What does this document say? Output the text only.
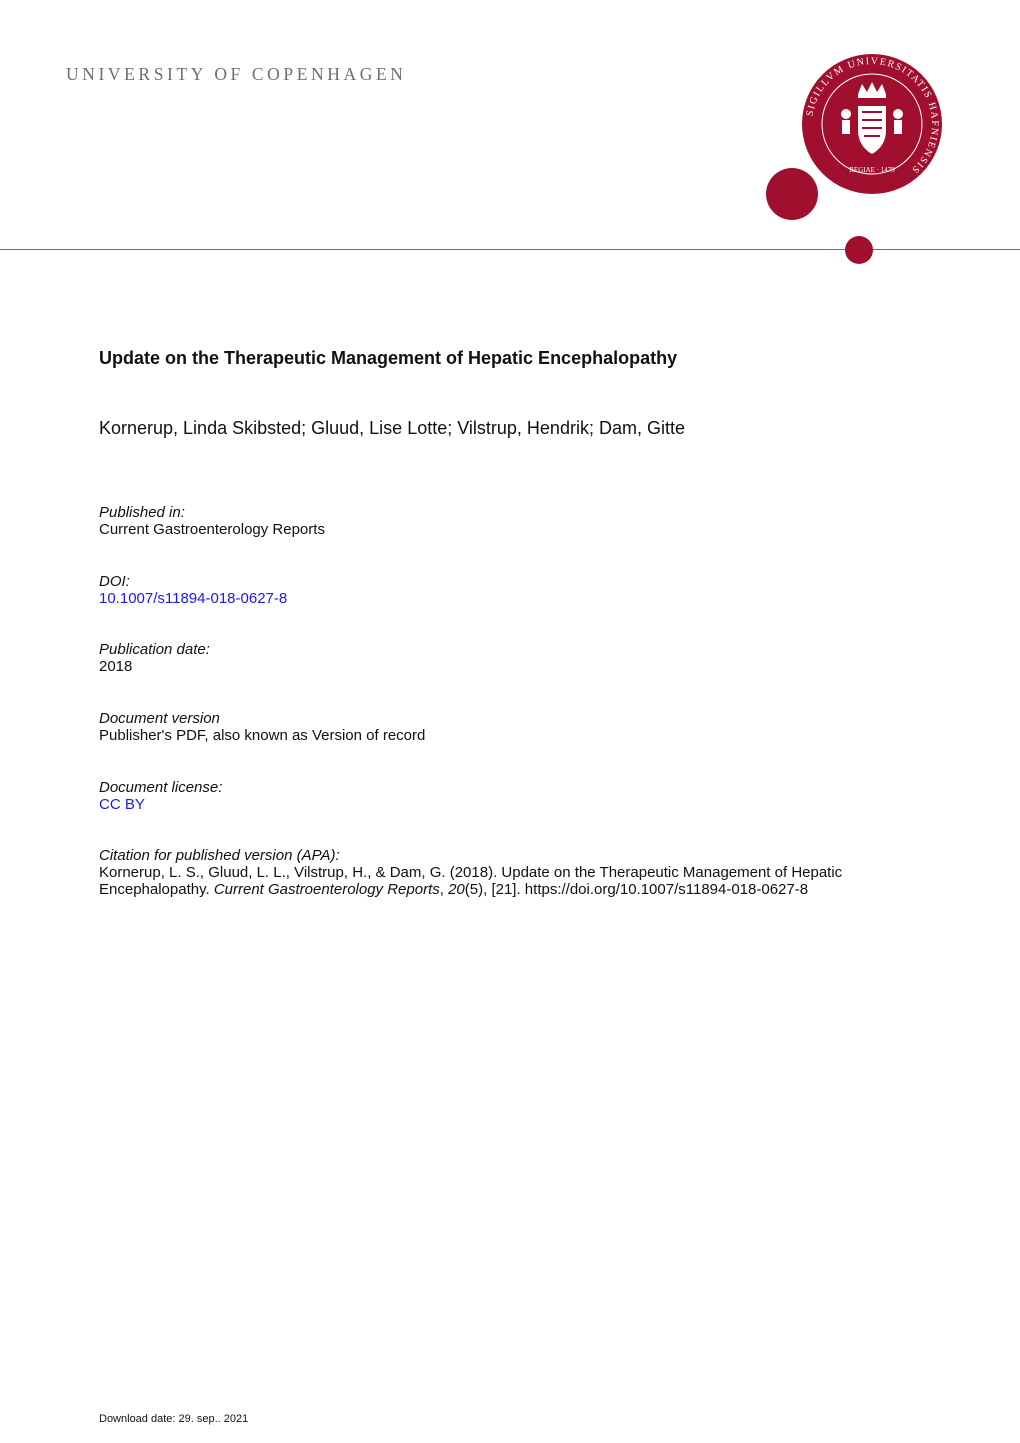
UNIVERSITY OF COPENHAGEN
SIGILLVM UNIVERSITATIS HAFNIENSIS
REGIAE · 1479
Update on the Therapeutic Management of Hepatic Encephalopathy
Kornerup, Linda Skibsted; Gluud, Lise Lotte; Vilstrup, Hendrik; Dam, Gitte
Published in:
Current Gastroenterology Reports
DOI:
10.1007/s11894-018-0627-8
Publication date:
2018
Document version
Publisher's PDF, also known as Version of record
Document license:
CC BY
Citation for published version (APA):
Kornerup, L. S., Gluud, L. L., Vilstrup, H., & Dam, G. (2018). Update on the Therapeutic Management of Hepatic
Encephalopathy. Current Gastroenterology Reports, 20(5), [21]. https://doi.org/10.1007/s11894-018-0627-8
Download date: 29. sep.. 2021
